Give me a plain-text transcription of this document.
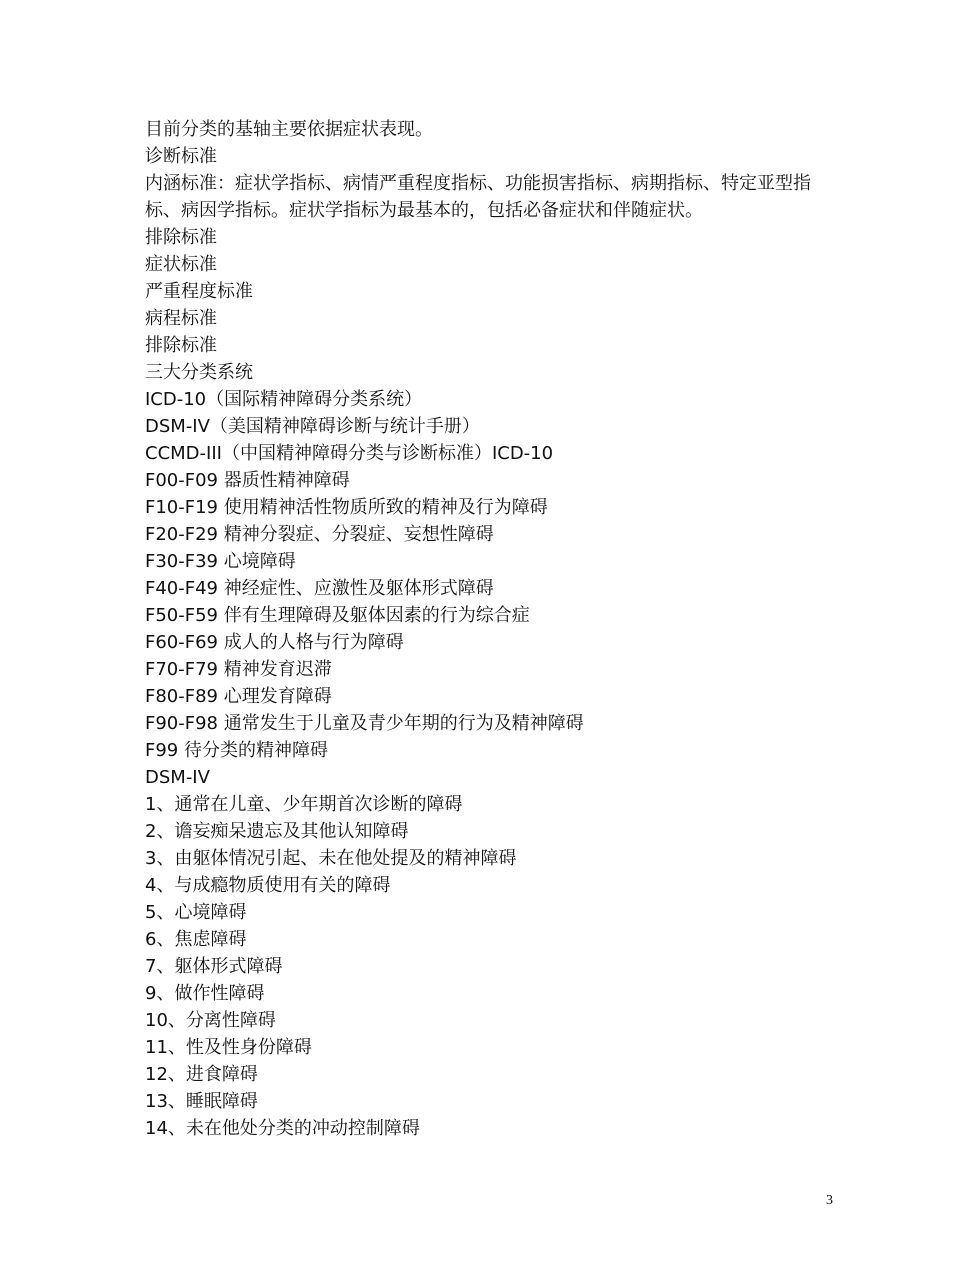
目前分类的基轴主要依据症状表现。

诊断标准

内涵标准：症状学指标、病情严重程度指标、功能损害指标、病期指标、特定亚型指标、病因学指标。症状学指标为最基本的，包括必备症状和伴随症状。

排除标准

症状标准

严重程度标准

病程标准

排除标准

三大分类系统

ICD-10（国际精神障碍分类系统）

DSM-IV（美国精神障碍诊断与统计手册）

CCMD-III（中国精神障碍分类与诊断标准）ICD-10

F00-F09 器质性精神障碍

F10-F19 使用精神活性物质所致的精神及行为障碍

F20-F29 精神分裂症、分裂症、妄想性障碍

F30-F39 心境障碍

F40-F49 神经症性、应激性及躯体形式障碍

F50-F59 伴有生理障碍及躯体因素的行为综合症

F60-F69 成人的人格与行为障碍

F70-F79 精神发育迟滞

F80-F89 心理发育障碍

F90-F98 通常发生于儿童及青少年期的行为及精神障碍

F99 待分类的精神障碍

DSM-IV

1、通常在儿童、少年期首次诊断的障碍

2、谵妄痴呆遗忘及其他认知障碍

3、由躯体情况引起、未在他处提及的精神障碍

4、与成瘾物质使用有关的障碍

5、心境障碍

6、焦虑障碍

7、躯体形式障碍

9、做作性障碍

10、分离性障碍

11、性及性身份障碍

12、进食障碍

13、睡眠障碍

14、未在他处分类的冲动控制障碍

3
